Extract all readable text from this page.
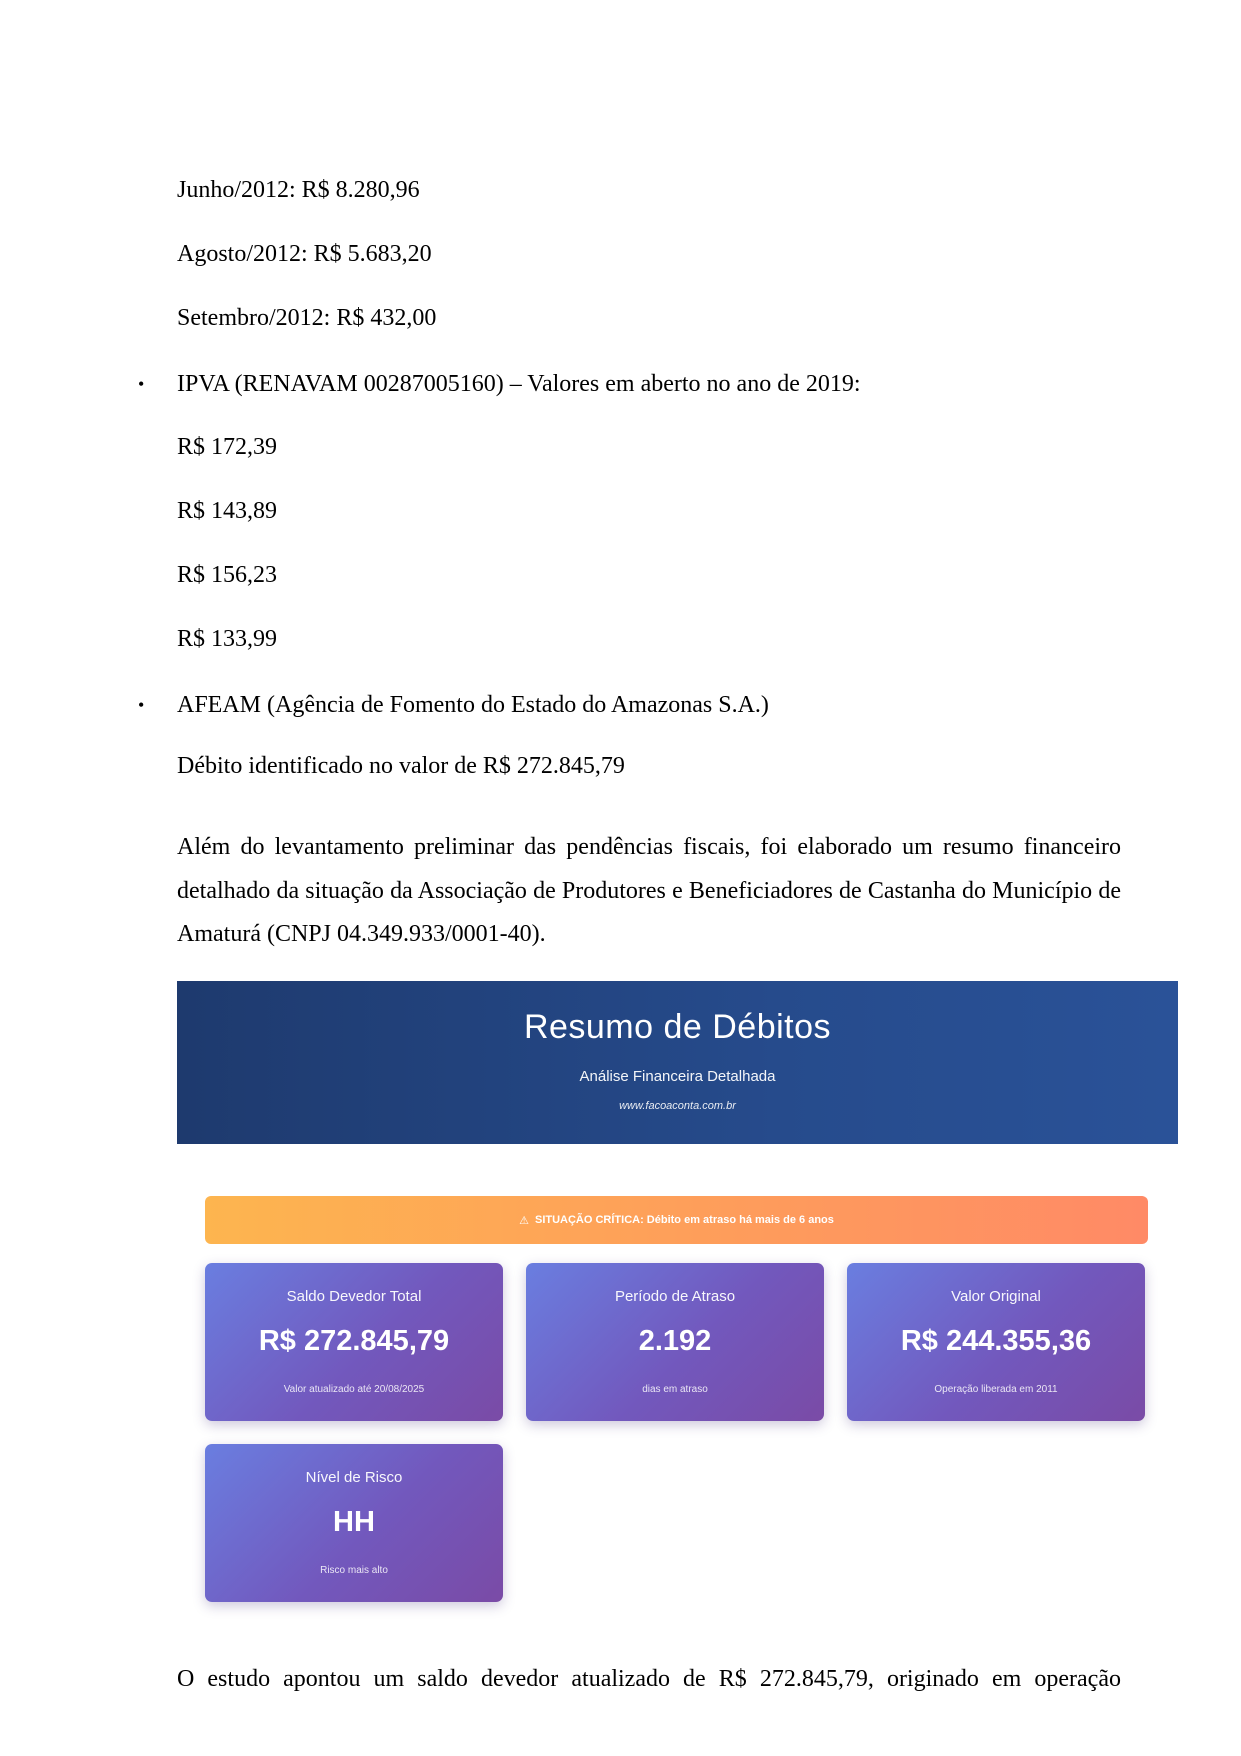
Junho/2012: R$ 8.280,96
Agosto/2012: R$ 5.683,20
Setembro/2012: R$ 432,00
• IPVA (RENAVAM 00287005160) – Valores em aberto no ano de 2019:
R$ 172,39
R$ 143,89
R$ 156,23
R$ 133,99
• AFEAM (Agência de Fomento do Estado do Amazonas S.A.)
Débito identificado no valor de R$ 272.845,79
Além do levantamento preliminar das pendências fiscais, foi elaborado um resumo financeiro detalhado da situação da Associação de Produtores e Beneficiadores de Castanha do Município de Amaturá (CNPJ 04.349.933/0001-40).
Resumo de Débitos
Análise Financeira Detalhada
www.facoaconta.com.br
⚠ SITUAÇÃO CRÍTICA: Débito em atraso há mais de 6 anos
Saldo Devedor Total
R$ 272.845,79
Valor atualizado até 20/08/2025
Período de Atraso
2.192
dias em atraso
Valor Original
R$ 244.355,36
Operação liberada em 2011
Nível de Risco
HH
Risco mais alto
O estudo apontou um saldo devedor atualizado de R$ 272.845,79, originado em operação
